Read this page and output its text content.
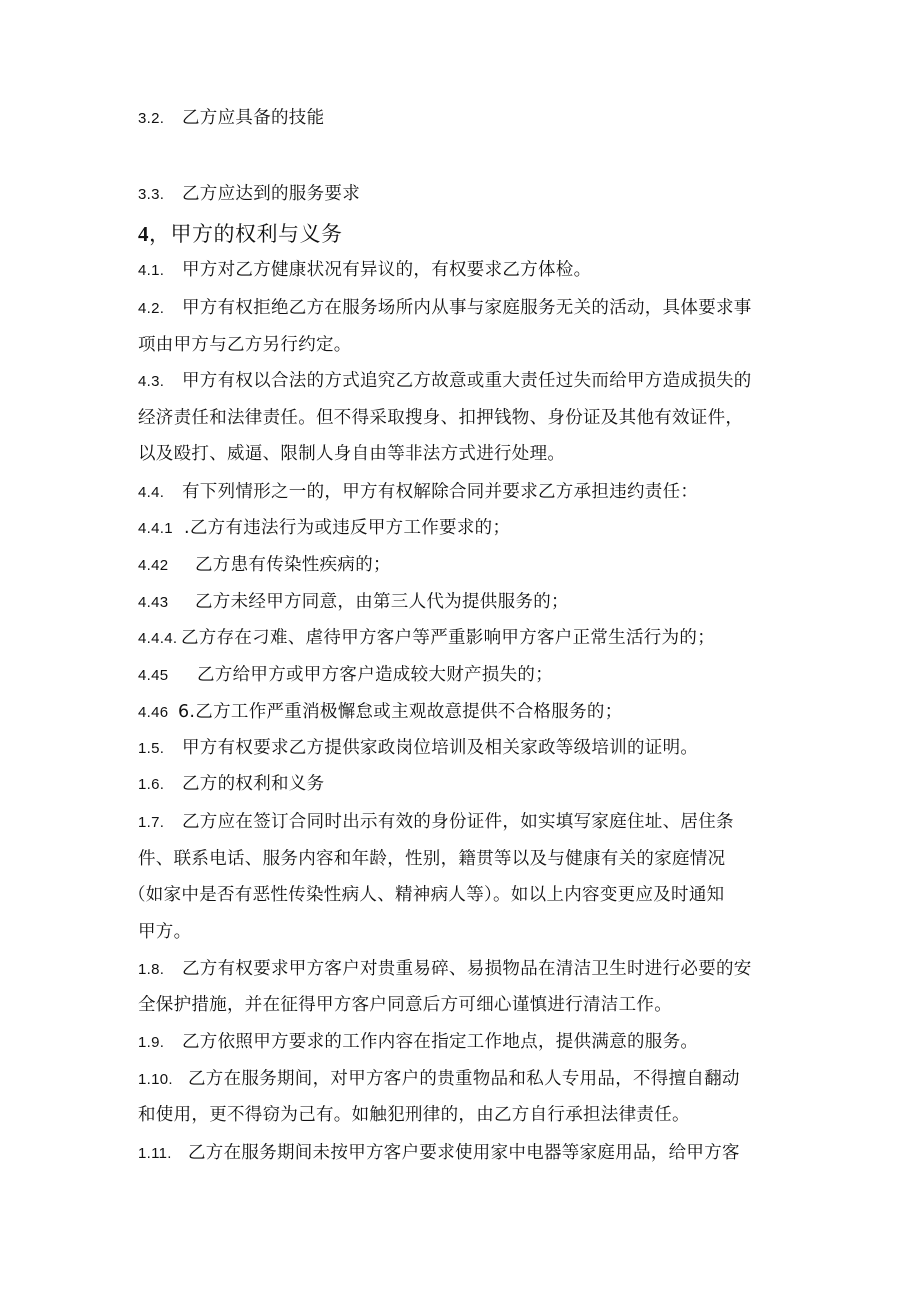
3.2. 乙方应具备的技能
3.3. 乙方应达到的服务要求
4，甲方的权利与义务
4.1. 甲方对乙方健康状况有异议的，有权要求乙方体检。
4.2. 甲方有权拒绝乙方在服务场所内从事与家庭服务无关的活动，具体要求事
项由甲方与乙方另行约定。
4.3. 甲方有权以合法的方式追究乙方故意或重大责任过失而给甲方造成损失的
经济责任和法律责任。但不得采取搜身、扣押钱物、身份证及其他有效证件，
以及殴打、威逼、限制人身自由等非法方式进行处理。
4.4. 有下列情形之一的，甲方有权解除合同并要求乙方承担违约责任：
4.4.1 .乙方有违法行为或违反甲方工作要求的；
4.42 乙方患有传染性疾病的；
4.43 乙方未经甲方同意，由第三人代为提供服务的；
4.4.4. 乙方存在刁难、虐待甲方客户等严重影响甲方客户正常生活行为的；
4.45 乙方给甲方或甲方客户造成较大财产损失的；
4.46 6.乙方工作严重消极懈怠或主观故意提供不合格服务的；
1.5. 甲方有权要求乙方提供家政岗位培训及相关家政等级培训的证明。
1.6. 乙方的权利和义务
1.7. 乙方应在签订合同时出示有效的身份证件，如实填写家庭住址、居住条
件、联系电话、服务内容和年龄，性别，籍贯等以及与健康有关的家庭情况
（如家中是否有恶性传染性病人、精神病人等）。如以上内容变更应及时通知
甲方。
1.8. 乙方有权要求甲方客户对贵重易碎、易损物品在清洁卫生时进行必要的安
全保护措施，并在征得甲方客户同意后方可细心谨慎进行清洁工作。
1.9. 乙方依照甲方要求的工作内容在指定工作地点，提供满意的服务。
1.10. 乙方在服务期间，对甲方客户的贵重物品和私人专用品，不得擅自翻动
和使用，更不得窃为己有。如触犯刑律的，由乙方自行承担法律责任。
1.11. 乙方在服务期间未按甲方客户要求使用家中电器等家庭用品，给甲方客
